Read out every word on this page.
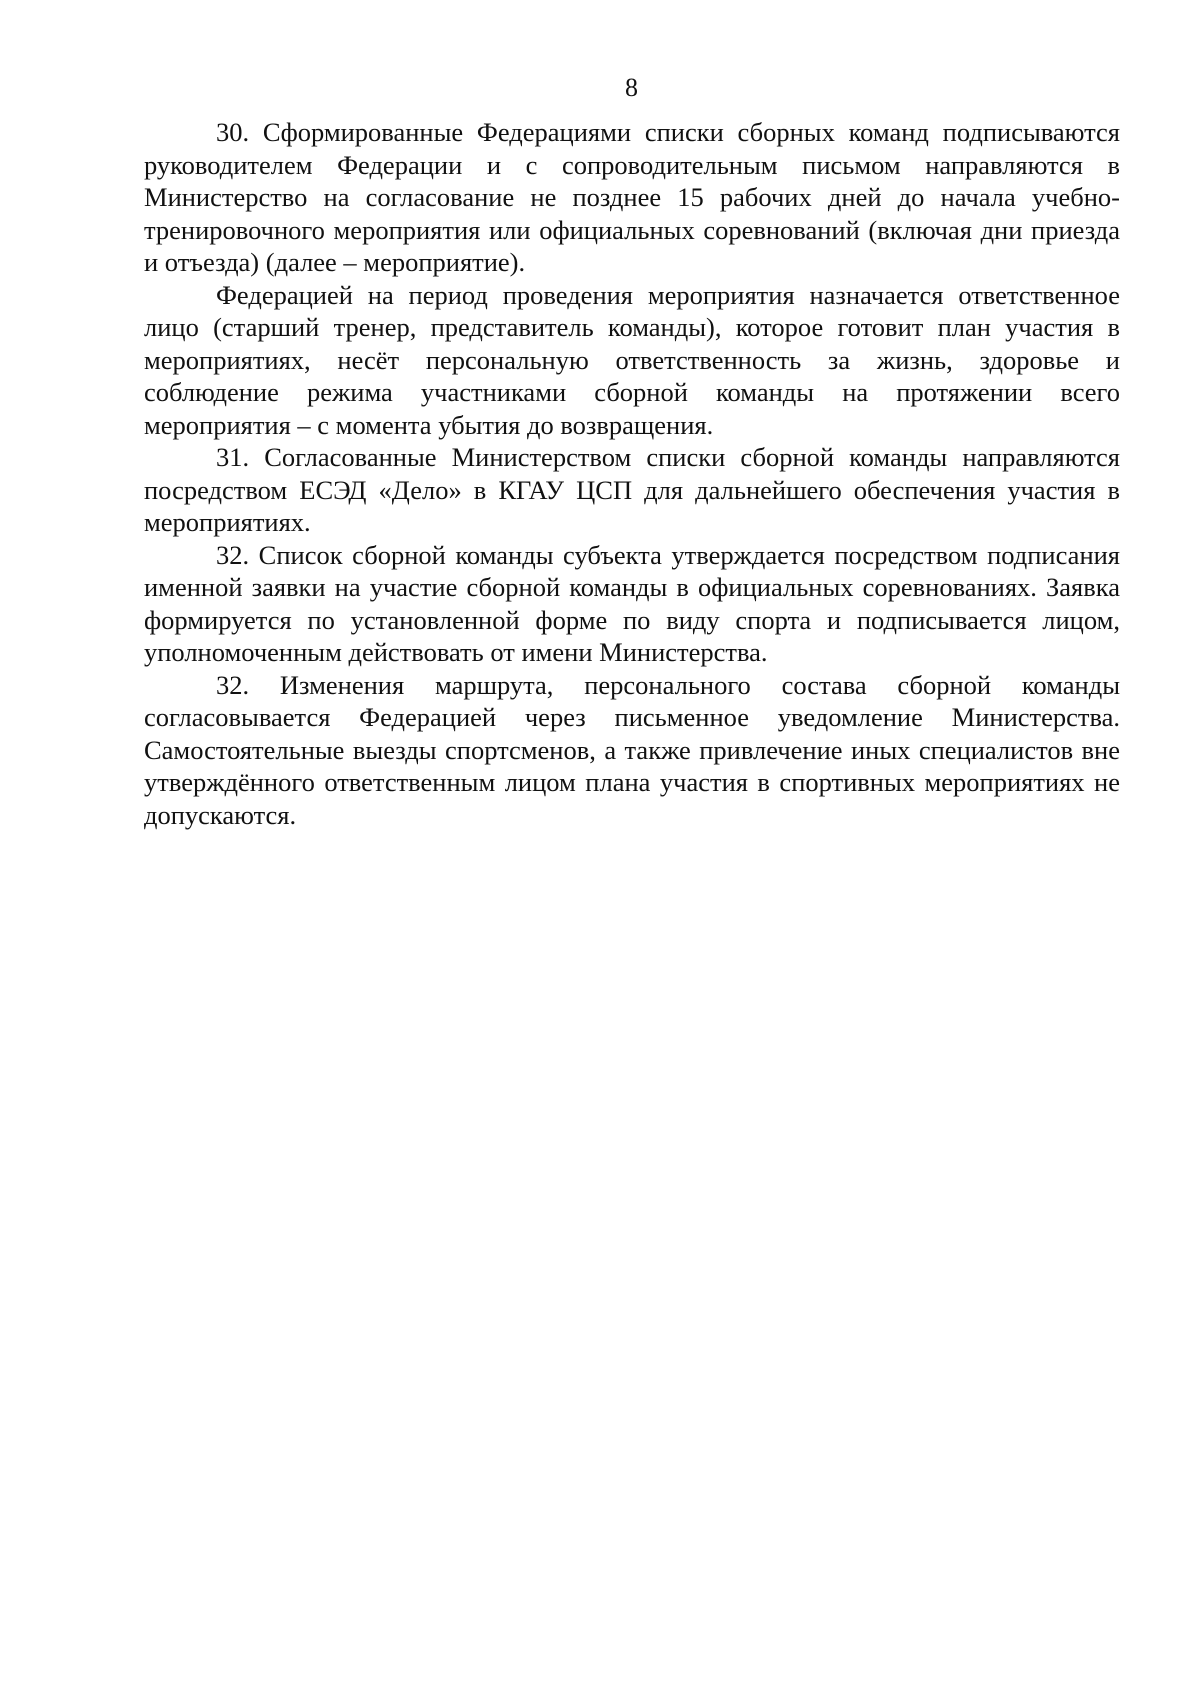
8

30. Сформированные Федерациями списки сборных команд подписываются руководителем Федерации и с сопроводительным письмом направляются в Министерство на согласование не позднее 15 рабочих дней до начала учебно-тренировочного мероприятия или официальных соревнований (включая дни приезда и отъезда) (далее – мероприятие).

Федерацией на период проведения мероприятия назначается ответственное лицо (старший тренер, представитель команды), которое готовит план участия в мероприятиях, несёт персональную ответственность за жизнь, здоровье и соблюдение режима участниками сборной команды на протяжении всего мероприятия – с момента убытия до возвращения.

31. Согласованные Министерством списки сборной команды направляются посредством ЕСЭД «Дело» в КГАУ ЦСП для дальнейшего обеспечения участия в мероприятиях.

32. Список сборной команды субъекта утверждается посредством подписания именной заявки на участие сборной команды в официальных соревнованиях. Заявка формируется по установленной форме по виду спорта и подписывается лицом, уполномоченным действовать от имени Министерства.

32. Изменения маршрута, персонального состава сборной команды согласовывается Федерацией через письменное уведомление Министерства. Самостоятельные выезды спортсменов, а также привлечение иных специалистов вне утверждённого ответственным лицом плана участия в спортивных мероприятиях не допускаются.
